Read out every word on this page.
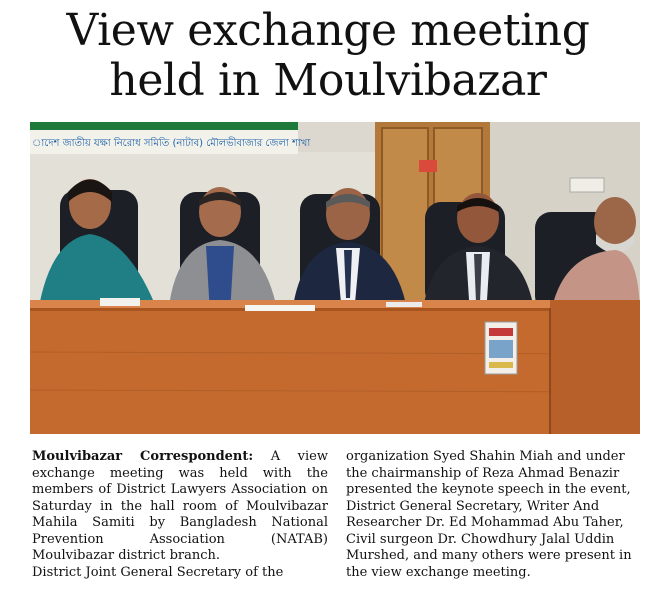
View exchange meeting
held in Moulvibazar
াদেশ জাতীয় যক্ষা নিরোধ সমিতি (নাটাব) মৌলভীবাজার জেলা শাখা

Moulvibazar Correspondent: A view exchange meeting was held with the members of District Lawyers Association on Saturday in the hall room of Moulvibazar Mahila Samiti by Bangladesh National Prevention Association (NATAB) Moulvibazar district branch.

District Joint General Secretary of the

organization Syed Shahin Miah and under the chairmanship of Reza Ahmad Benazir presented the keynote speech in the event, District General Secretary, Writer And Researcher Dr. Ed Mohammad Abu Taher, Civil surgeon Dr. Chowdhury Jalal Uddin Murshed, and many others were present in the view exchange meeting.
